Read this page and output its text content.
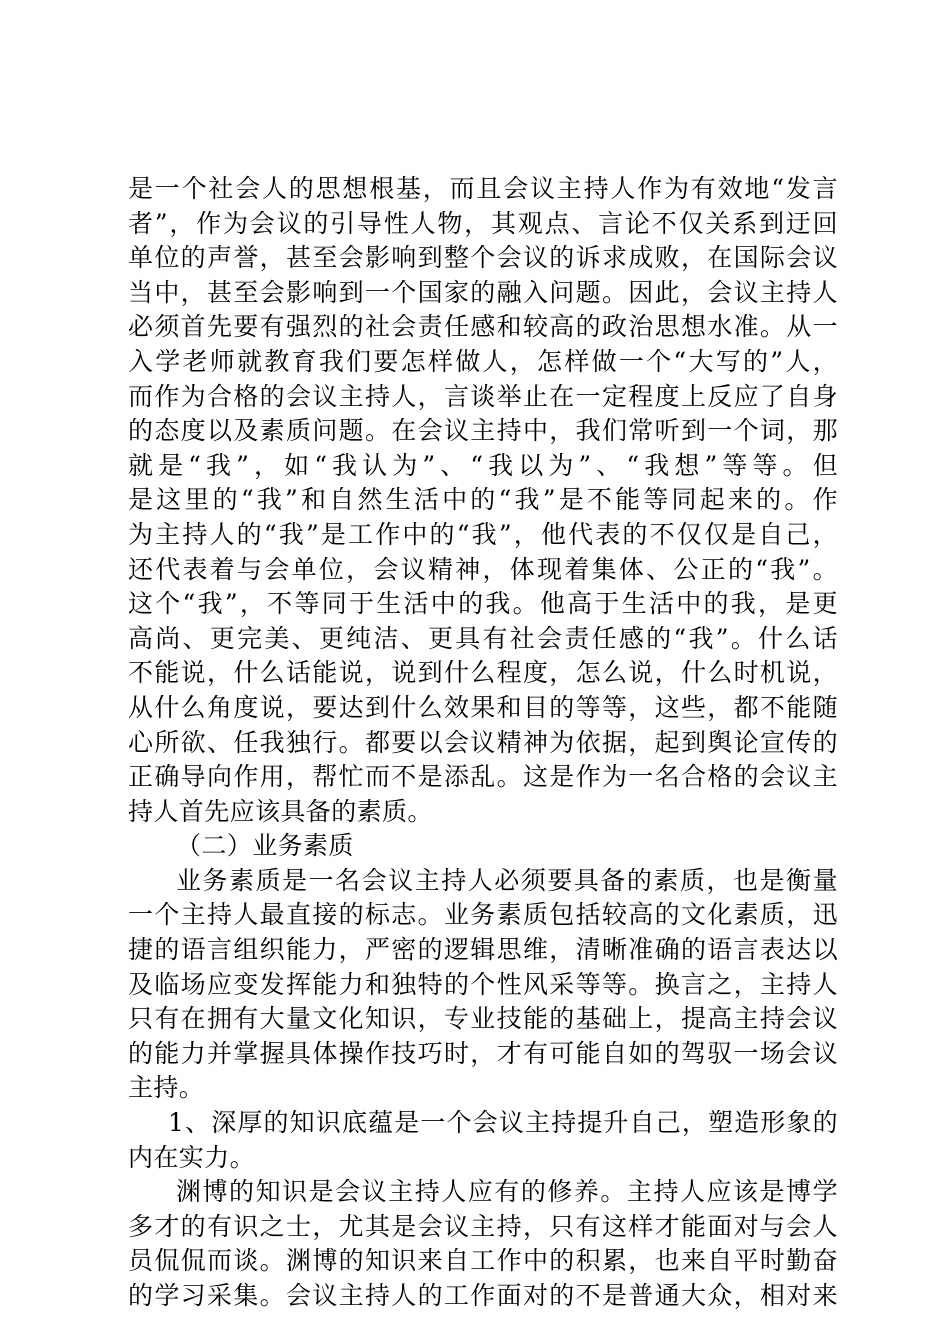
是一个社会人的思想根基，而且会议主持人作为有效地“发言
者”，作为会议的引导性人物，其观点、言论不仅关系到迂回
单位的声誉，甚至会影响到整个会议的诉求成败，在国际会议
当中，甚至会影响到一个国家的融入问题。因此，会议主持人
必须首先要有强烈的社会责任感和较高的政治思想水准。从一
入学老师就教育我们要怎样做人，怎样做一个“大写的”人，
而作为合格的会议主持人，言谈举止在一定程度上反应了自身
的态度以及素质问题。在会议主持中，我们常听到一个词，那
就是“我”，如“我认为”、“我以为”、“我想”等等。但
是这里的“我”和自然生活中的“我”是不能等同起来的。作
为主持人的“我”是工作中的“我”，他代表的不仅仅是自己，
还代表着与会单位，会议精神，体现着集体、公正的“我”。
这个“我”，不等同于生活中的我。他高于生活中的我，是更
高尚、更完美、更纯洁、更具有社会责任感的“我”。什么话
不能说，什么话能说，说到什么程度，怎么说，什么时机说，
从什么角度说，要达到什么效果和目的等等，这些，都不能随
心所欲、任我独行。都要以会议精神为依据，起到舆论宣传的
正确导向作用，帮忙而不是添乱。这是作为一名合格的会议主
持人首先应该具备的素质。
（二）业务素质
业务素质是一名会议主持人必须要具备的素质，也是衡量
一个主持人最直接的标志。业务素质包括较高的文化素质，迅
捷的语言组织能力，严密的逻辑思维，清晰准确的语言表达以
及临场应变发挥能力和独特的个性风采等等。换言之，主持人
只有在拥有大量文化知识，专业技能的基础上，提高主持会议
的能力并掌握具体操作技巧时，才有可能自如的驾驭一场会议
主持。
1、深厚的知识底蕴是一个会议主持提升自己，塑造形象的
内在实力。
渊博的知识是会议主持人应有的修养。主持人应该是博学
多才的有识之士，尤其是会议主持，只有这样才能面对与会人
员侃侃而谈。渊博的知识来自工作中的积累，也来自平时勤奋
的学习采集。会议主持人的工作面对的不是普通大众，相对来
